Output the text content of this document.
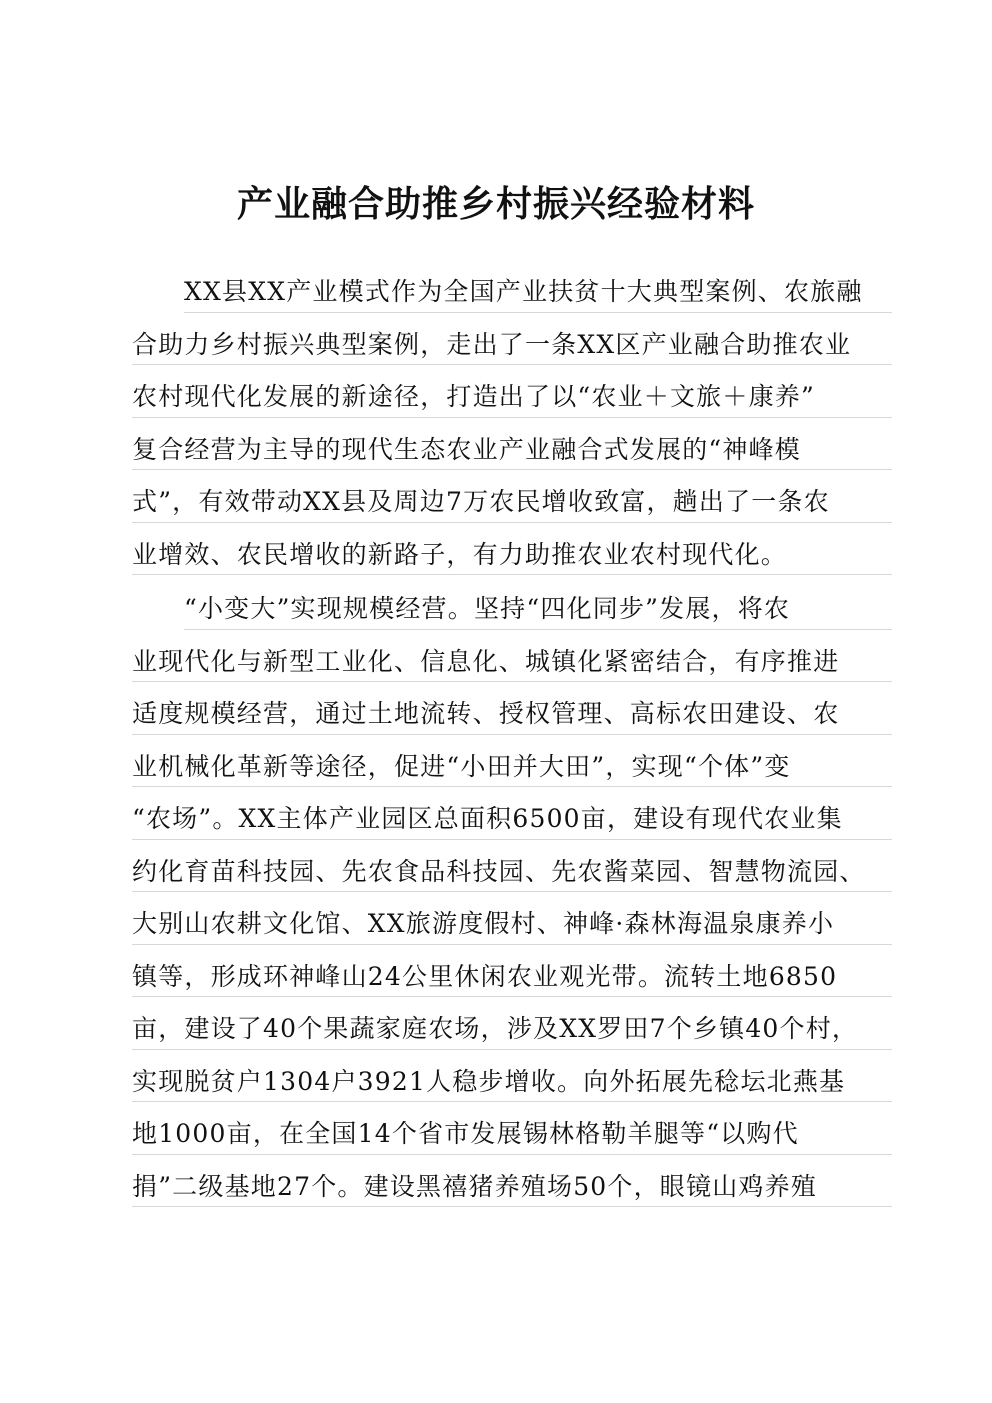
产业融合助推乡村振兴经验材料
XX县XX产业模式作为全国产业扶贫十大典型案例、农旅融
合助力乡村振兴典型案例，走出了一条XX区产业融合助推农业
农村现代化发展的新途径，打造出了以“农业＋文旅＋康养”
复合经营为主导的现代生态农业产业融合式发展的“神峰模
式”，有效带动XX县及周边7万农民增收致富，趟出了一条农
业增效、农民增收的新路子，有力助推农业农村现代化。
“小变大”实现规模经营。坚持“四化同步”发展，将农
业现代化与新型工业化、信息化、城镇化紧密结合，有序推进
适度规模经营，通过土地流转、授权管理、高标农田建设、农
业机械化革新等途径，促进“小田并大田”，实现“个体”变
“农场”。XX主体产业园区总面积6500亩，建设有现代农业集
约化育苗科技园、先农食品科技园、先农酱菜园、智慧物流园、
大别山农耕文化馆、XX旅游度假村、神峰·森林海温泉康养小
镇等，形成环神峰山24公里休闲农业观光带。流转土地6850
亩，建设了40个果蔬家庭农场，涉及XX罗田7个乡镇40个村，
实现脱贫户1304户3921人稳步增收。向外拓展先稔坛北燕基
地1000亩，在全国14个省市发展锡林格勒羊腿等“以购代
捐”二级基地27个。建设黑禧猪养殖场50个，眼镜山鸡养殖
